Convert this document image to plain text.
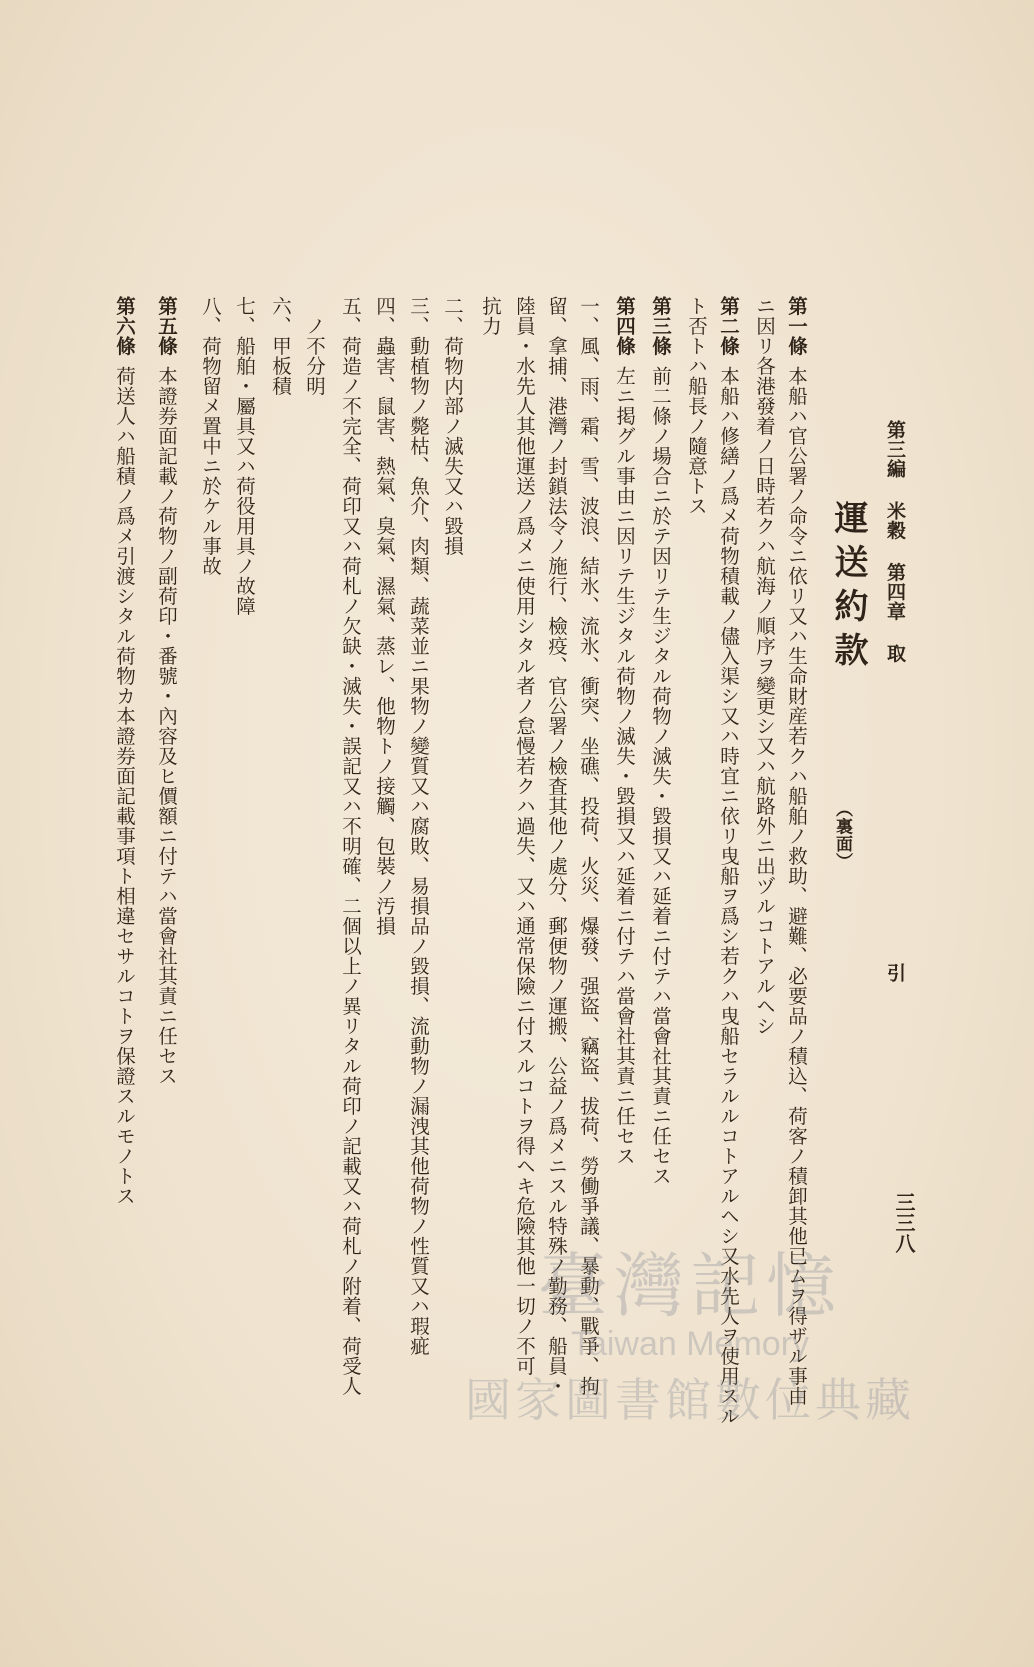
第三編 米穀 第四章 取引
三三八
運送約款
（裏面）
第一條本船ハ官公署ノ命令ニ依リ又ハ生命財産若クハ船舶ノ救助、避難、必要品ノ積込、荷客ノ積卸其他已ムヲ得ザル事由
ニ因リ各港發着ノ日時若クハ航海ノ順序ヲ變更シ又ハ航路外ニ出ヅルコトアルヘシ
第二條本船ハ修繕ノ爲メ荷物積載ノ儘入渠シ又ハ時宜ニ依リ曳船ヲ爲シ若クハ曳船セラルルコトアルヘシ又水先人ヲ使用スル
ト否トハ船長ノ隨意トス
第三條前二條ノ場合ニ於テ因リテ生ジタル荷物ノ滅失・毀損又ハ延着ニ付テハ當會社其責ニ任セス
第四條左ニ掲グル事由ニ因リテ生ジタル荷物ノ滅失・毀損又ハ延着ニ付テハ當會社其責ニ任セス
一、風、雨、霜、雪、波浪、結氷、流氷、衝突、坐礁、投荷、火災、爆發、强盜、竊盜、拔荷、勞働爭議、暴動、戰爭、拘
留、拿捕、港灣ノ封鎖法令ノ施行、檢疫、官公署ノ檢査其他ノ處分、郵便物ノ運搬、公益ノ爲メニスル特殊ノ勤務、船員・
陸員・水先人其他運送ノ爲メニ使用シタル者ノ怠慢若クハ過失、又ハ通常保險ニ付スルコトヲ得ヘキ危險其他一切ノ不可
抗力
二、荷物内部ノ滅失又ハ毀損
三、動植物ノ斃枯、魚介、肉類、蔬菜並ニ果物ノ變質又ハ腐敗、易損品ノ毀損、流動物ノ漏洩其他荷物ノ性質又ハ瑕疵
四、蟲害、鼠害、熱氣、臭氣、濕氣、蒸レ、他物トノ接觸、包裝ノ汚損
五、荷造ノ不完全、荷印又ハ荷札ノ欠缺・滅失・誤記又ハ不明確、二個以上ノ異リタル荷印ノ記載又ハ荷札ノ附着、荷受人
ノ不分明
六、甲板積
七、船舶・屬具又ハ荷役用具ノ故障
八、荷物留メ置中ニ於ケル事故
第五條本證券面記載ノ荷物ノ副荷印・番號・內容及ヒ價額ニ付テハ當會社其責ニ任セス
第六條荷送人ハ船積ノ爲メ引渡シタル荷物カ本證券面記載事項ト相違セサルコトヲ保證スルモノトス
臺灣記憶
Taiwan Memory
國家圖書館數位典藏
